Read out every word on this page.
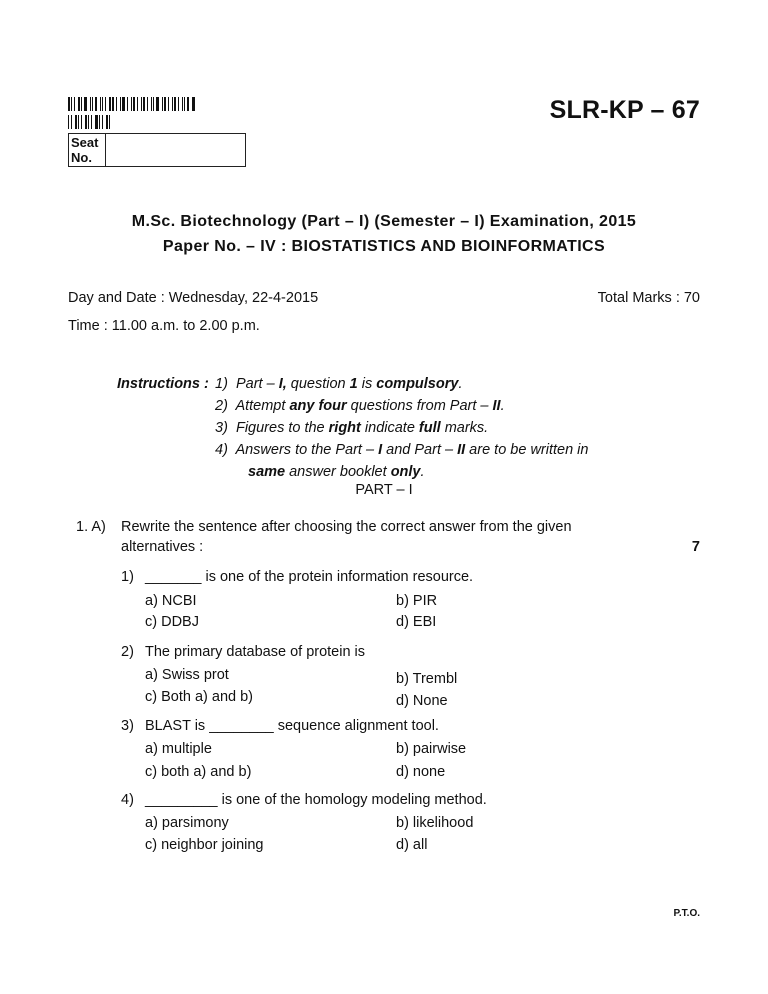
SLR-KP – 67
Seat
No.
M.Sc. Biotechnology (Part – I) (Semester – I) Examination, 2015
Paper No. – IV : BIOSTATISTICS AND BIOINFORMATICS
Day and Date : Wednesday, 22-4-2015	Total Marks : 70
Time : 11.00 a.m. to 2.00 p.m.
Instructions : 1) Part – I, question 1 is compulsory.
2) Attempt any four questions from Part – II.
3) Figures to the right indicate full marks.
4) Answers to the Part – I and Part – II are to be written in
same answer booklet only.
PART – I
1. A) Rewrite the sentence after choosing the correct answer from the given
alternatives :	7
1) _______ is one of the protein information resource.
a) NCBI	b) PIR
c) DDBJ	d) EBI
2) The primary database of protein is
a) Swiss prot	b) Trembl
c) Both a) and b)	d) None
3) BLAST is ________ sequence alignment tool.
a) multiple	b) pairwise
c) both a) and b)	d) none
4) _________ is one of the homology modeling method.
a) parsimony	b) likelihood
c) neighbor joining	d) all
P.T.O.
